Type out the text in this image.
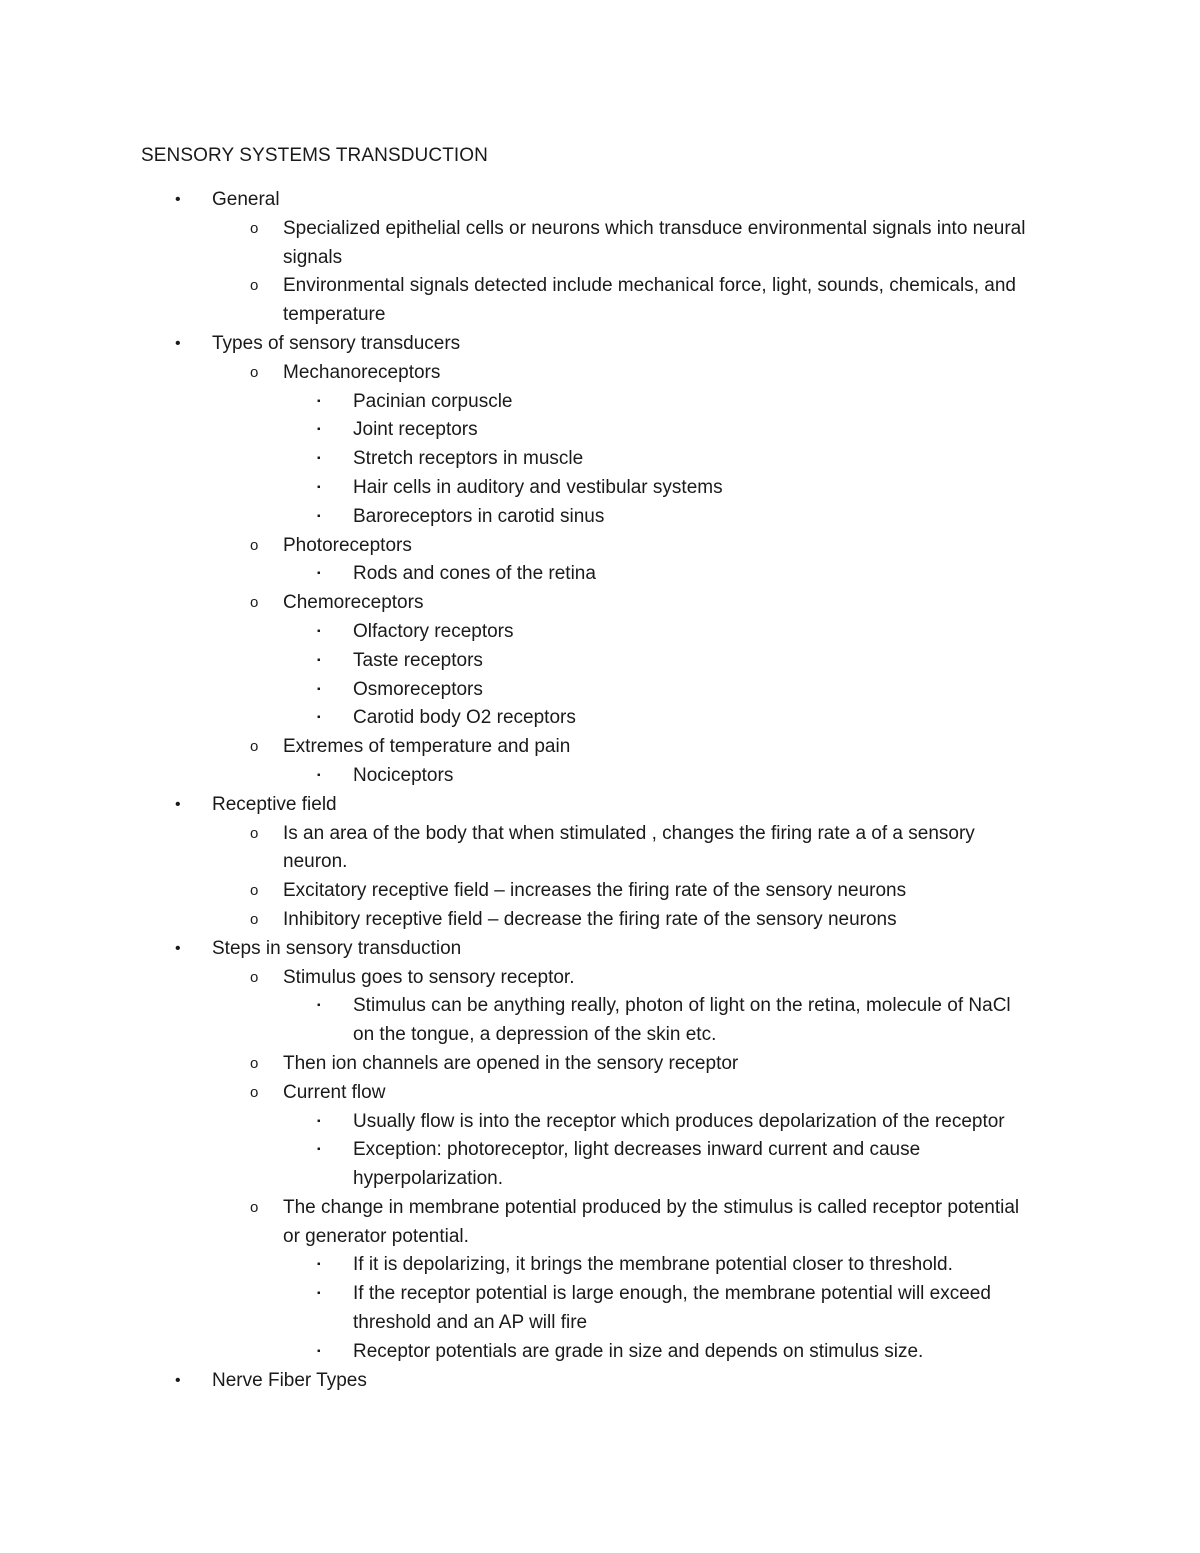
SENSORY SYSTEMS TRANSDUCTION
• General
o Specialized epithelial cells or neurons which transduce environmental signals into neural
signals
o Environmental signals detected include mechanical force, light, sounds, chemicals, and
temperature
• Types of sensory transducers
o Mechanoreceptors
▪ Pacinian corpuscle
▪ Joint receptors
▪ Stretch receptors in muscle
▪ Hair cells in auditory and vestibular systems
▪ Baroreceptors in carotid sinus
o Photoreceptors
▪ Rods and cones of the retina
o Chemoreceptors
▪ Olfactory receptors
▪ Taste receptors
▪ Osmoreceptors
▪ Carotid body O2 receptors
o Extremes of temperature and pain
▪ Nociceptors
• Receptive field
o Is an area of the body that when stimulated , changes the firing rate a of a sensory
neuron.
o Excitatory receptive field – increases the firing rate of the sensory neurons
o Inhibitory receptive field – decrease the firing rate of the sensory neurons
• Steps in sensory transduction
o Stimulus goes to sensory receptor.
▪ Stimulus can be anything really, photon of light on the retina, molecule of NaCl
on the tongue, a depression of the skin etc.
o Then ion channels are opened in the sensory receptor
o Current flow
▪ Usually flow is into the receptor which produces depolarization of the receptor
▪ Exception: photoreceptor, light decreases inward current and cause
hyperpolarization.
o The change in membrane potential produced by the stimulus is called receptor potential
or generator potential.
▪ If it is depolarizing, it brings the membrane potential closer to threshold.
▪ If the receptor potential is large enough, the membrane potential will exceed
threshold and an AP will fire
▪ Receptor potentials are grade in size and depends on stimulus size.
• Nerve Fiber Types
